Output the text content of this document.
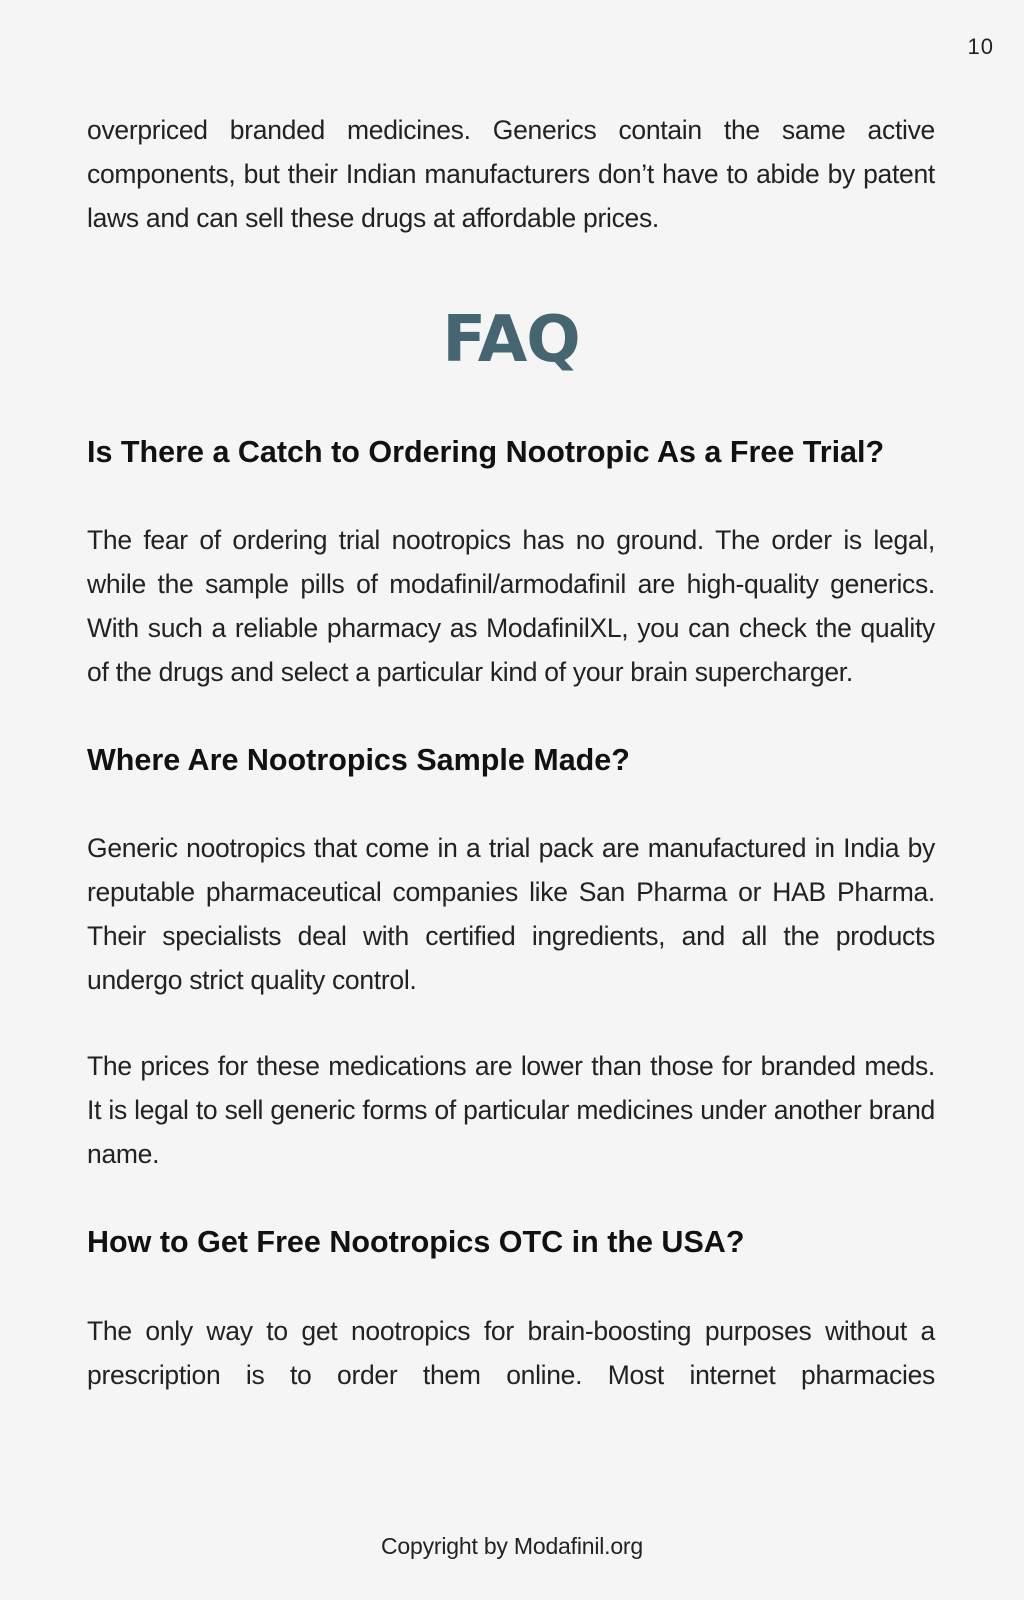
10

overpriced branded medicines. Generics contain the same active components, but their Indian manufacturers don’t have to abide by patent laws and can sell these drugs at affordable prices.

FAQ
Is There a Catch to Ordering Nootropic As a Free Trial?

The fear of ordering trial nootropics has no ground. The order is legal, while the sample pills of modafinil/armodafinil are high-quality generics. With such a reliable pharmacy as ModafinilXL, you can check the quality of the drugs and select a particular kind of your brain supercharger.

Where Are Nootropics Sample Made?

Generic nootropics that come in a trial pack are manufactured in India by reputable pharmaceutical companies like San Pharma or HAB Pharma. Their specialists deal with certified ingredients, and all the products undergo strict quality control.

The prices for these medications are lower than those for branded meds. It is legal to sell generic forms of particular medicines under another brand name.

How to Get Free Nootropics OTC in the USA?

The only way to get nootropics for brain-boosting purposes without a prescription is to order them online. Most internet pharmacies

Copyright by Modafinil.org
